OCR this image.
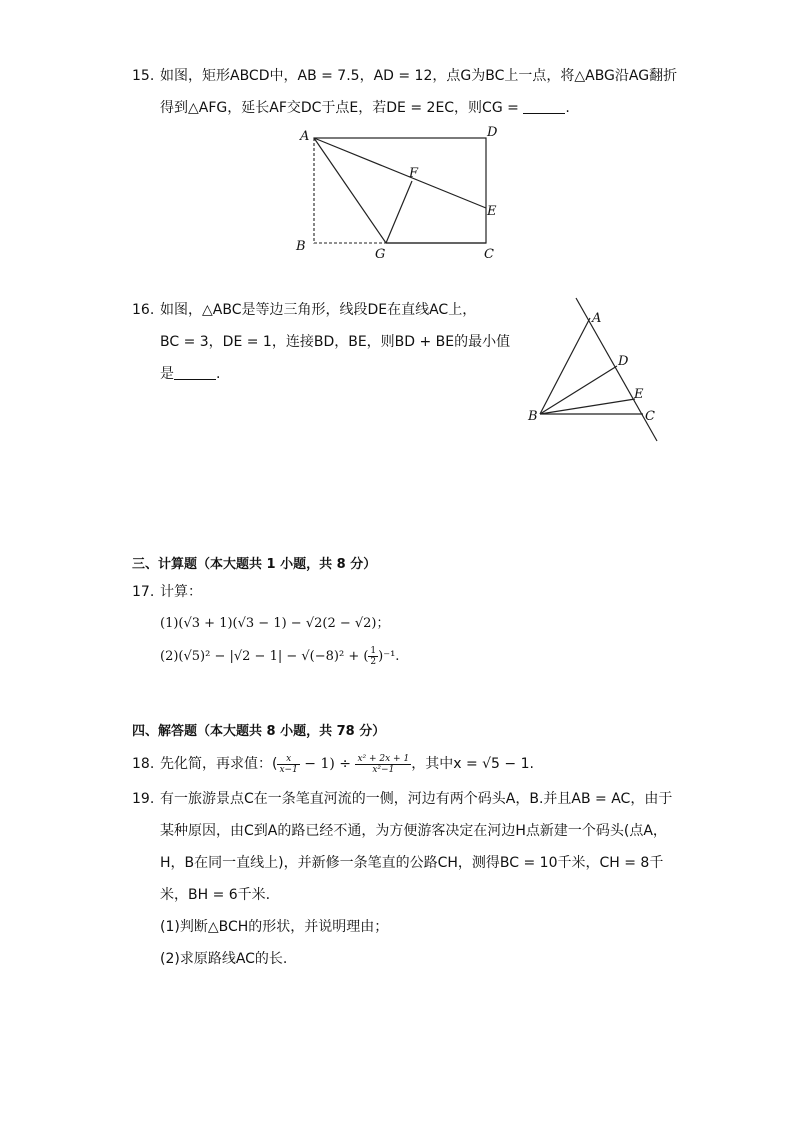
15. 如图，矩形ABCD中，AB = 7.5，AD = 12，点G为BC上一点，将△ABG沿AG翻折
得到△AFG，延长AF交DC于点E，若DE = 2EC，则CG =	.
A	D
F
E
B
G	C
16. 如图，△ABC是等边三角形，线段DE在直线AC上，
BC = 3，DE = 1，连接BD，BE，则BD + BE的最小值
是	.
A
D
E
B	C
三、计算题（本大题共 1 小题，共 8 分）
17. 计算：
(1)(√3 + 1)(√3 − 1) − √2(2 − √2)；
(2)(√5)² − |√2 − 1| − √(−8)² + ( $\frac{1}{2} )^{-1}$.
四、解答题（本大题共 8 小题，共 78 分）
18. 先化简，再求值：( $\frac{x}{x-1} - 1) \div \frac{\text{x² + 2x + 1}}{\text{x²−1}}$ ，其中x = √5 − 1.
19. 有一旅游景点C在一条笔直河流的一侧，河边有两个码头A，B.并且AB = AC，由于
某种原因，由C到A的路已经不通，为方便游客决定在河边H点新建一个码头(点A，
H，B在同一直线上)，并新修一条笔直的公路CH，测得BC = 10千米，CH = 8千
米，BH = 6千米.
(1)判断△BCH的形状，并说明理由；
(2)求原路线AC的长.
